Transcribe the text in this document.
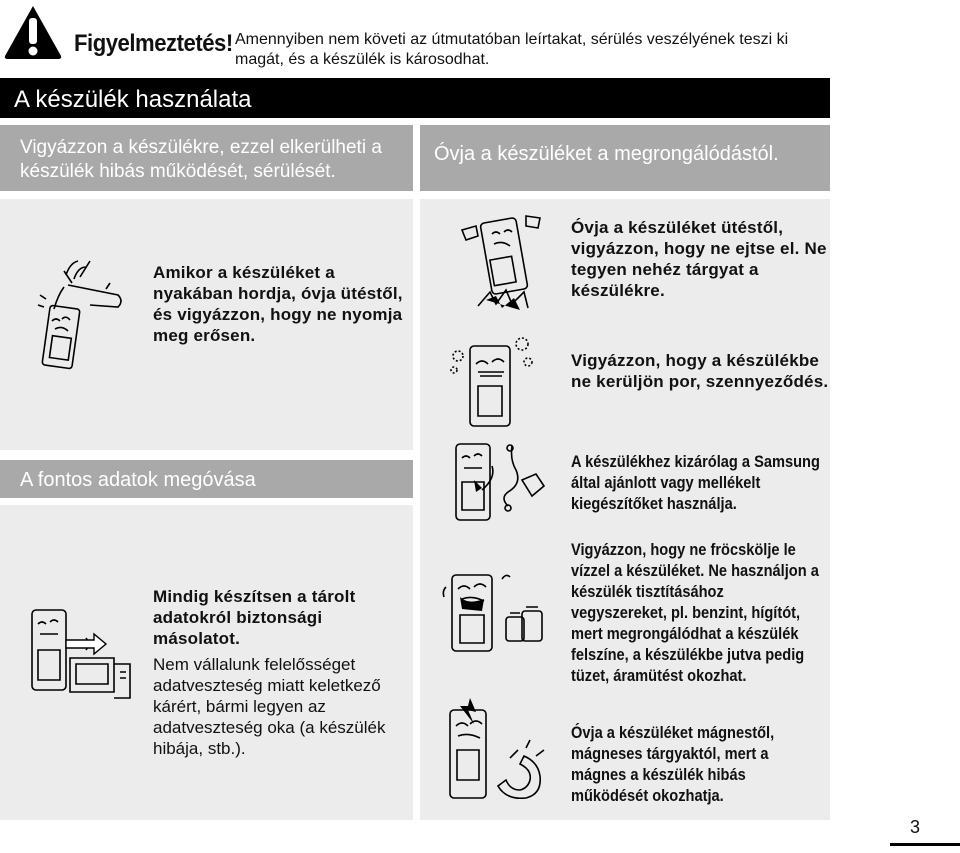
Figyelmeztetés! Amennyiben nem követi az útmutatóban leírtakat, sérülés veszélyének teszi ki magát, és a készülék is károsodhat.
A készülék használata
Vigyázzon a készülékre, ezzel elkerülheti a készülék hibás működését, sérülését.
Óvja a készüléket a megrongálódástól.
A fontos adatok megóvása
Amikor a készüléket a nyakában hordja, óvja ütéstől, és vigyázzon, hogy ne nyomja meg erősen.
Óvja a készüléket ütéstől, vigyázzon, hogy ne ejtse el. Ne tegyen nehéz tárgyat a készülékre.
Vigyázzon, hogy a készülékbe ne kerüljön por, szennyeződés.
A készülékhez kizárólag a Samsung által ajánlott vagy mellékelt kiegészítőket használja.
Vigyázzon, hogy ne fröcskölje le vízzel a készüléket. Ne használjon a készülék tisztításához vegyszereket, pl. benzint, hígítót, mert megrongálódhat a készülék felszíne, a készülékbe jutva pedig tüzet, áramütést okozhat.
Óvja a készüléket mágnestől, mágneses tárgyaktól, mert a mágnes a készülék hibás működését okozhatja.
Mindig készítsen a tárolt adatokról biztonsági másolatot.
Nem vállalunk felelősséget adatveszteség miatt keletkező kárért, bármi legyen az adatveszteség oka (a készülék hibája, stb.).
3
